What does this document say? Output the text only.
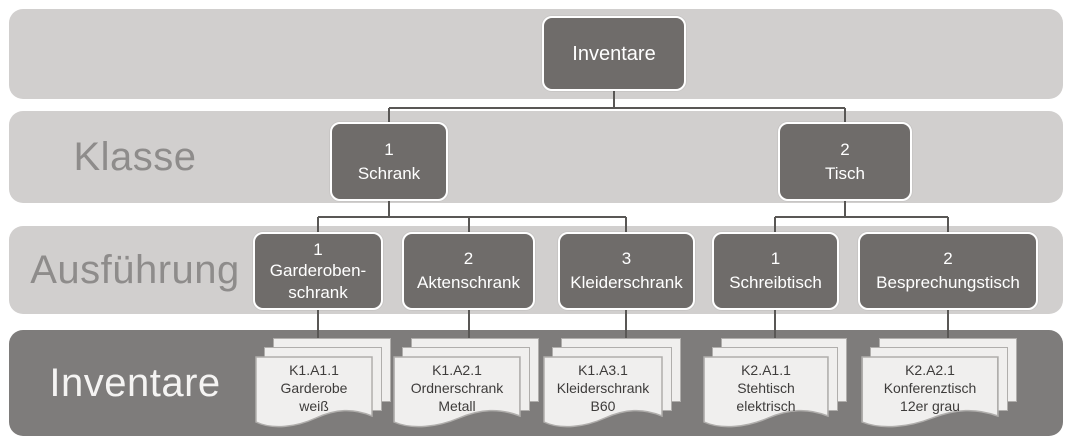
Klasse
Ausführung
Inventare
Inventare
1
Schrank
2
Tisch
1
Garderoben-
schrank
2
Aktenschrank
3
Kleiderschrank
1
Schreibtisch
2
Besprechungstisch
K1.A1.1
Garderobe
weiß
K1.A2.1
Ordnerschrank
Metall
K1.A3.1
Kleiderschrank
B60
K2.A1.1
Stehtisch
elektrisch
K2.A2.1
Konferenztisch
12er grau
